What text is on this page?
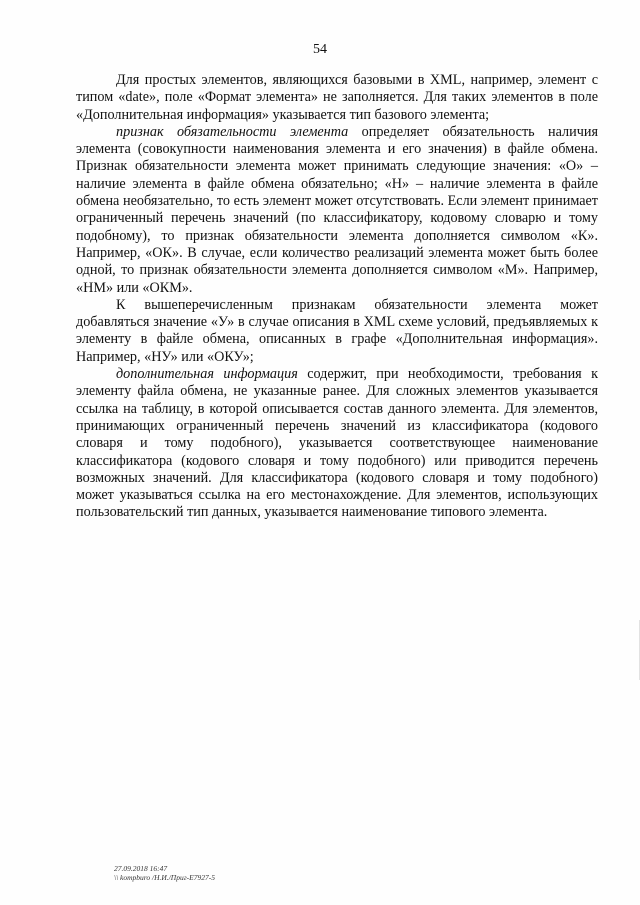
54

Для простых элементов, являющихся базовыми в XML, например, элемент с типом «date», поле «Формат элемента» не заполняется. Для таких элементов в поле «Дополнительная информация» указывается тип базового элемента;

признак обязательности элемента определяет обязательность наличия элемента (совокупности наименования элемента и его значения) в файле обмена. Признак обязательности элемента может принимать следующие значения: «О» – наличие элемента в файле обмена обязательно; «Н» – наличие элемента в файле обмена необязательно, то есть элемент может отсутствовать. Если элемент принимает ограниченный перечень значений (по классификатору, кодовому словарю и тому подобному), то признак обязательности элемента дополняется символом «К». Например, «ОК». В случае, если количество реализаций элемента может быть более одной, то признак обязательности элемента дополняется символом «М». Например, «НМ» или «ОКМ».

К вышеперечисленным признакам обязательности элемента может добавляться значение «У» в случае описания в XML схеме условий, предъявляемых к элементу в файле обмена, описанных в графе «Дополнительная информация». Например, «НУ» или «ОКУ»;

дополнительная информация содержит, при необходимости, требования к элементу файла обмена, не указанные ранее. Для сложных элементов указывается ссылка на таблицу, в которой описывается состав данного элемента. Для элементов, принимающих ограниченный перечень значений из классификатора (кодового словаря и тому подобного), указывается соответствующее наименование классификатора (кодового словаря и тому подобного) или приводится перечень возможных значений. Для классификатора (кодового словаря и тому подобного) может указываться ссылка на его местонахождение. Для элементов, использующих пользовательский тип данных, указывается наименование типового элемента.

27.09.2018 16:47
\\ kompburo /Н.И./Приг-Е7927-5
